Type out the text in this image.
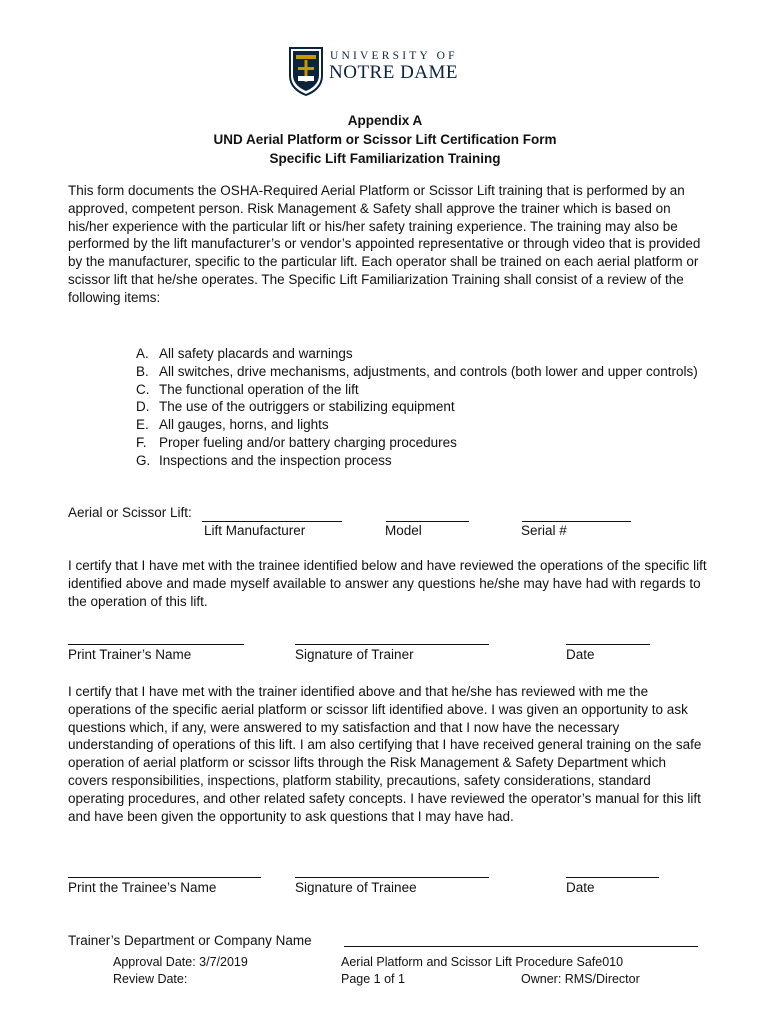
UNIVERSITY OF
NOTRE DAME
Appendix A
UND Aerial Platform or Scissor Lift Certification Form
Specific Lift Familiarization Training
This form documents the OSHA-Required Aerial Platform or Scissor Lift training that is performed by an approved, competent person. Risk Management & Safety shall approve the trainer which is based on his/her experience with the particular lift or his/her safety training experience. The training may also be performed by the lift manufacturer’s or vendor’s appointed representative or through video that is provided by the manufacturer, specific to the particular lift. Each operator shall be trained on each aerial platform or scissor lift that he/she operates. The Specific Lift Familiarization Training shall consist of a review of the following items:
A. All safety placards and warnings
B. All switches, drive mechanisms, adjustments, and controls (both lower and upper controls)
C. The functional operation of the lift
D. The use of the outriggers or stabilizing equipment
E. All gauges, horns, and lights
F. Proper fueling and/or battery charging procedures
G. Inspections and the inspection process
Aerial or Scissor Lift:
Lift Manufacturer	Model	Serial #
I certify that I have met with the trainee identified below and have reviewed the operations of the specific lift identified above and made myself available to answer any questions he/she may have had with regards to the operation of this lift.
Print Trainer’s Name	Signature of Trainer	Date
I certify that I have met with the trainer identified above and that he/she has reviewed with me the operations of the specific aerial platform or scissor lift identified above. I was given an opportunity to ask questions which, if any, were answered to my satisfaction and that I now have the necessary understanding of operations of this lift. I am also certifying that I have received general training on the safe operation of aerial platform or scissor lifts through the Risk Management & Safety Department which covers responsibilities, inspections, platform stability, precautions, safety considerations, standard operating procedures, and other related safety concepts. I have reviewed the operator’s manual for this lift and have been given the opportunity to ask questions that I may have had.
Print the Trainee’s Name	Signature of Trainee	Date
Trainer’s Department or Company Name
Approval Date: 3/7/2019
Review Date:
Aerial Platform and Scissor Lift Procedure Safe010
Page 1 of 1	Owner: RMS/Director
